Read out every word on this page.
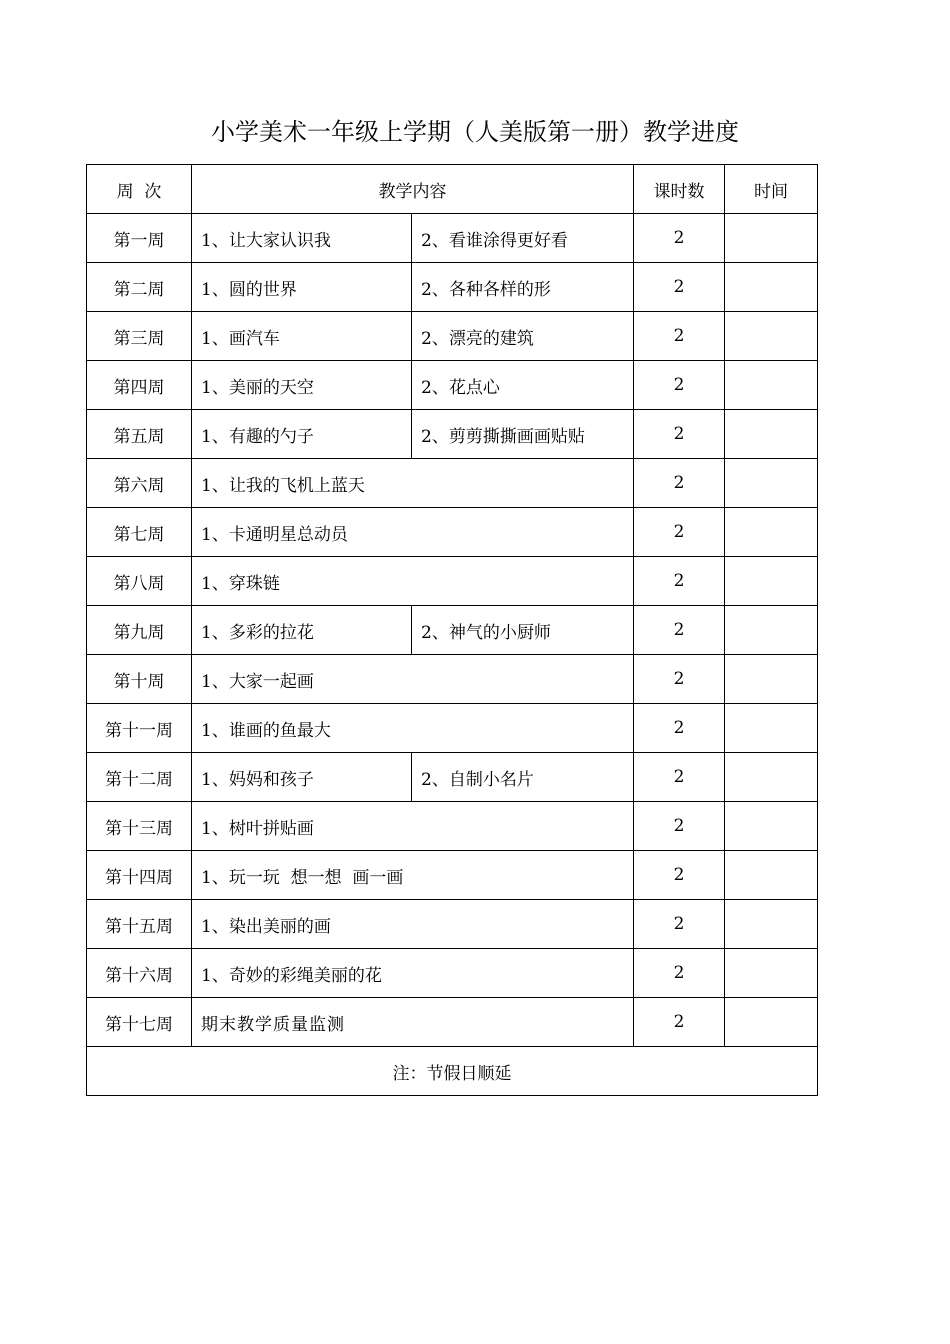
小学美术一年级上学期（人美版第一册）教学进度
周  次	教学内容		课时数	时间
第一周	1、让大家认识我	2、看谁涂得更好看	2	
第二周	1、圆的世界	2、各种各样的形	2	
第三周	1、画汽车	2、漂亮的建筑	2	
第四周	1、美丽的天空	2、花点心	2	
第五周	1、有趣的勺子	2、剪剪撕撕画画贴贴	2	
第六周	1、让我的飞机上蓝天		2	
第七周	1、卡通明星总动员		2	
第八周	1、穿珠链		2	
第九周	1、多彩的拉花	2、神气的小厨师	2	
第十周	1、大家一起画		2	
第十一周	1、谁画的鱼最大		2	
第十二周	1、妈妈和孩子	2、自制小名片	2	
第十三周	1、树叶拼贴画		2	
第十四周	1、玩一玩  想一想  画一画		2	
第十五周	1、染出美丽的画		2	
第十六周	1、奇妙的彩绳美丽的花		2	
第十七周	期末教学质量监测		2	
注：节假日顺延				
